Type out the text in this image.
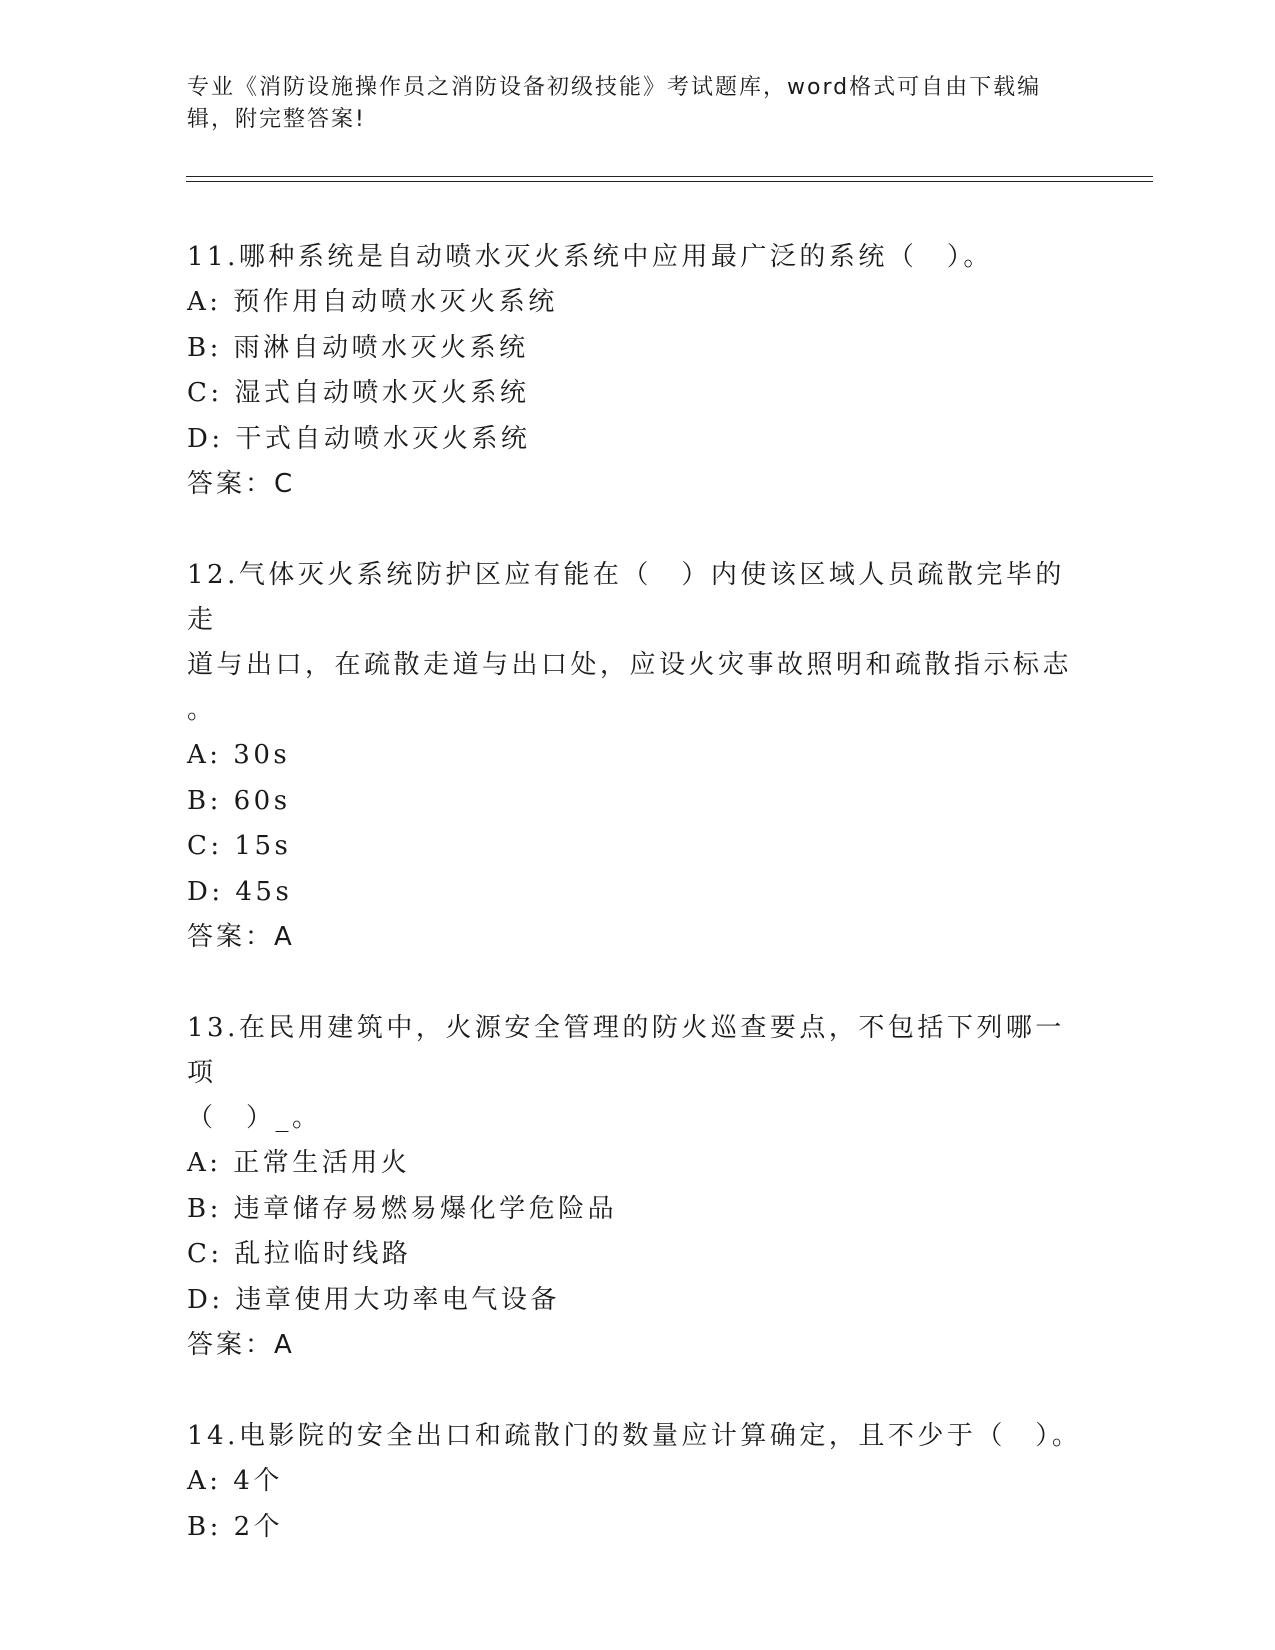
专业《消防设施操作员之消防设备初级技能》考试题库，word格式可自由下载编辑，附完整答案!
11.哪种系统是自动喷水灭火系统中应用最广泛的系统（　）。
A: 预作用自动喷水灭火系统
B: 雨淋自动喷水灭火系统
C: 湿式自动喷水灭火系统
D: 干式自动喷水灭火系统
答案：C
12.气体灭火系统防护区应有能在（　）内使该区域人员疏散完毕的走
道与出口，在疏散走道与出口处，应设火灾事故照明和疏散指示标志
。
A: 30s
B: 60s
C: 15s
D: 45s
答案：A
13.在民用建筑中，火源安全管理的防火巡查要点，不包括下列哪一项
（　）_。
A: 正常生活用火
B: 违章储存易燃易爆化学危险品
C: 乱拉临时线路
D: 违章使用大功率电气设备
答案：A
14.电影院的安全出口和疏散门的数量应计算确定，且不少于（　）。
A: 4个
B: 2个
